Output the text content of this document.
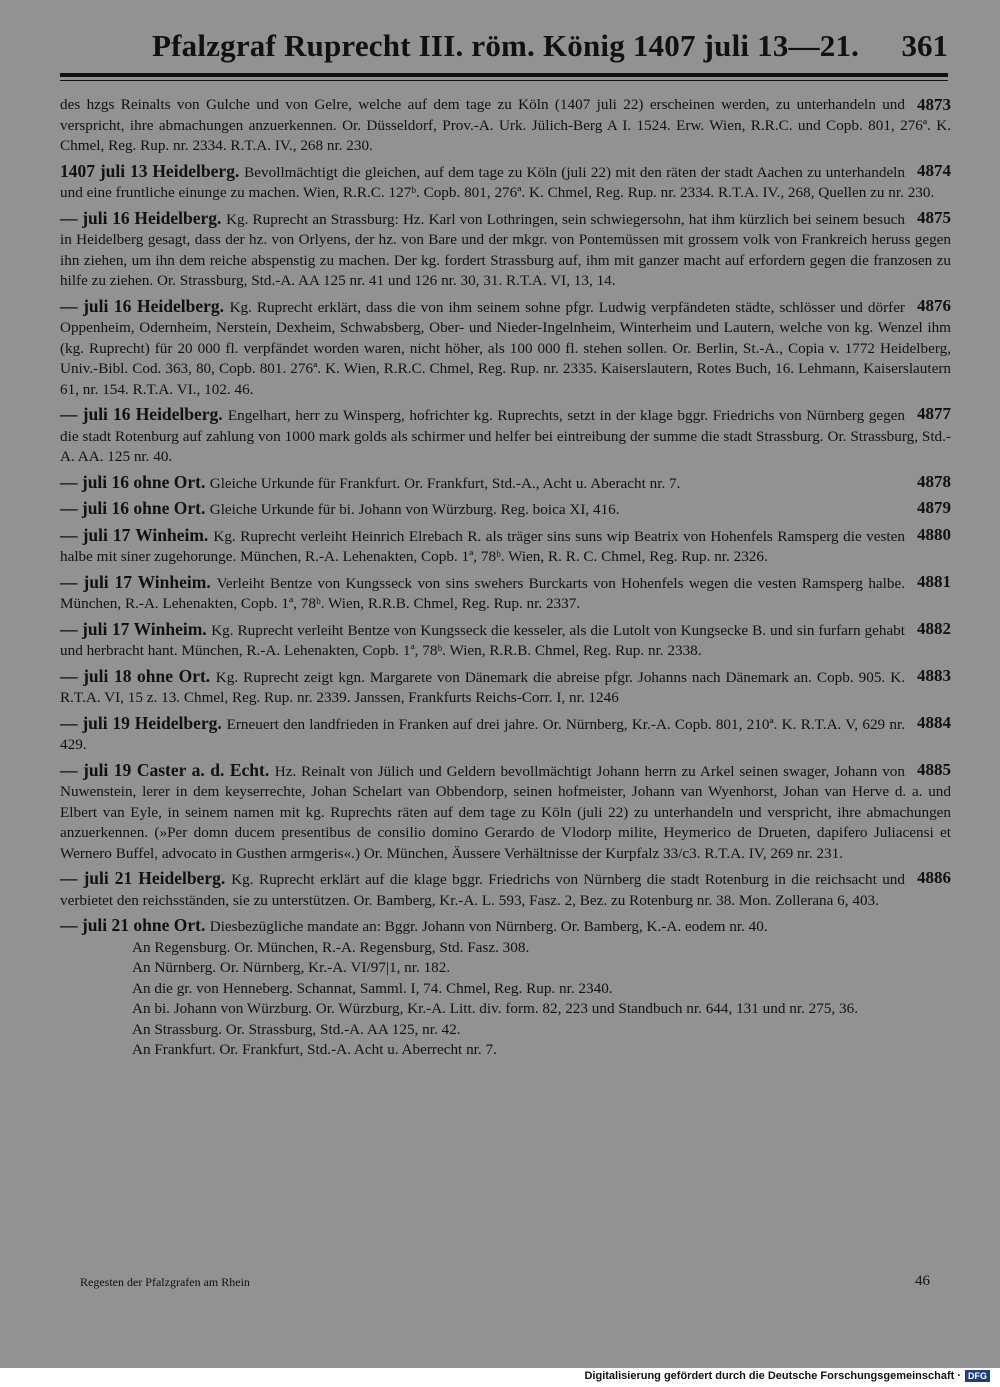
Pfalzgraf Ruprecht III. röm. König 1407 juli 13—21. 361
4873
des hzgs Reinalts von Gulche und von Gelre, welche auf dem tage zu Köln (1407 juli 22) erscheinen werden, zu unterhandeln und verspricht, ihre abmachungen anzuerkennen. Or. Düsseldorf, Prov.-A. Urk. Jülich-Berg A I. 1524. Erw. Wien, R.R.C. und Copb. 801, 276ª. K. Chmel, Reg. Rup. nr. 2334. R.T.A. IV., 268 nr. 230.
4874
1407 juli 13 Heidelberg. Bevollmächtigt die gleichen, auf dem tage zu Köln (juli 22) mit den räten der stadt Aachen zu unterhandeln und eine fruntliche einunge zu machen. Wien, R.R.C. 127ᵇ. Copb. 801, 276ª. K. Chmel, Reg. Rup. nr. 2334. R.T.A. IV., 268, Quellen zu nr. 230.
4875
— juli 16 Heidelberg. Kg. Ruprecht an Strassburg: Hz. Karl von Lothringen, sein schwiegersohn, hat ihm kürzlich bei seinem besuch in Heidelberg gesagt, dass der hz. von Orlyens, der hz. von Bare und der mkgr. von Pontemüssen mit grossem volk von Frankreich heruss gegen ihn ziehen, um ihn dem reiche abspenstig zu machen. Der kg. fordert Strassburg auf, ihm mit ganzer macht auf erfordern gegen die franzosen zu hilfe zu ziehen. Or. Strassburg, Std.-A. AA 125 nr. 41 und 126 nr. 30, 31. R.T.A. VI, 13, 14.
4876
— juli 16 Heidelberg. Kg. Ruprecht erklärt, dass die von ihm seinem sohne pfgr. Ludwig verpfändeten städte, schlösser und dörfer Oppenheim, Odernheim, Nerstein, Dexheim, Schwabsberg, Ober- und Nieder-Ingelnheim, Winterheim und Lautern, welche von kg. Wenzel ihm (kg. Ruprecht) für 20 000 fl. verpfändet worden waren, nicht höher, als 100 000 fl. stehen sollen. Or. Berlin, St.-A., Copia v. 1772 Heidelberg, Univ.-Bibl. Cod. 363, 80, Copb. 801. 276ª. K. Wien, R.R.C. Chmel, Reg. Rup. nr. 2335. Kaiserslautern, Rotes Buch, 16. Lehmann, Kaiserslautern 61, nr. 154. R.T.A. VI., 102. 46.
4877
— juli 16 Heidelberg. Engelhart, herr zu Winsperg, hofrichter kg. Ruprechts, setzt in der klage bggr. Friedrichs von Nürnberg gegen die stadt Rotenburg auf zahlung von 1000 mark golds als schirmer und helfer bei eintreibung der summe die stadt Strassburg. Or. Strassburg, Std.-A. AA. 125 nr. 40.
4878
— juli 16 ohne Ort. Gleiche Urkunde für Frankfurt. Or. Frankfurt, Std.-A., Acht u. Aberacht nr. 7.
4879
— juli 16 ohne Ort. Gleiche Urkunde für bi. Johann von Würzburg. Reg. boica XI, 416.
4880
— juli 17 Winheim. Kg. Ruprecht verleiht Heinrich Elrebach R. als träger sins suns wip Beatrix von Hohenfels Ramsperg die vesten halbe mit siner zugehorunge. München, R.-A. Lehenakten, Copb. 1ª, 78ᵇ. Wien, R. R. C. Chmel, Reg. Rup. nr. 2326.
4881
— juli 17 Winheim. Verleiht Bentze von Kungsseck von sins swehers Burckarts von Hohenfels wegen die vesten Ramsperg halbe. München, R.-A. Lehenakten, Copb. 1ª, 78ᵇ. Wien, R.R.B. Chmel, Reg. Rup. nr. 2337.
4882
— juli 17 Winheim. Kg. Ruprecht verleiht Bentze von Kungsseck die kesseler, als die Lutolt von Kungsecke B. und sin furfarn gehabt und herbracht hant. München, R.-A. Lehenakten, Copb. 1ª, 78ᵇ. Wien, R.R.B. Chmel, Reg. Rup. nr. 2338.
4883
— juli 18 ohne Ort. Kg. Ruprecht zeigt kgn. Margarete von Dänemark die abreise pfgr. Johanns nach Dänemark an. Copb. 905. K. R.T.A. VI, 15 z. 13. Chmel, Reg. Rup. nr. 2339. Janssen, Frankfurts Reichs-Corr. I, nr. 1246
4884
— juli 19 Heidelberg. Erneuert den landfrieden in Franken auf drei jahre. Or. Nürnberg, Kr.-A. Copb. 801, 210ª. K. R.T.A. V, 629 nr. 429.
4885
— juli 19 Caster a. d. Echt. Hz. Reinalt von Jülich und Geldern bevollmächtigt Johann herrn zu Arkel seinen swager, Johann von Nuwenstein, lerer in dem keyserrechte, Johan Schelart van Obbendorp, seinen hofmeister, Johann van Wyenhorst, Johan van Herve d. a. und Elbert van Eyle, in seinem namen mit kg. Ruprechts räten auf dem tage zu Köln (juli 22) zu unterhandeln und verspricht, ihre abmachungen anzuerkennen. (»Per domn ducem presentibus de consilio domino Gerardo de Vlodorp milite, Heymerico de Drueten, dapifero Juliacensi et Wernero Buffel, advocato in Gusthen armgeris«.) Or. München, Äussere Verhältnisse der Kurpfalz 33/c3. R.T.A. IV, 269 nr. 231.
4886
— juli 21 Heidelberg. Kg. Ruprecht erklärt auf die klage bggr. Friedrichs von Nürnberg die stadt Rotenburg in die reichsacht und verbietet den reichsständen, sie zu unterstützen. Or. Bamberg, Kr.-A. L. 593, Fasz. 2, Bez. zu Rotenburg nr. 38. Mon. Zollerana 6, 403.
— juli 21 ohne Ort. Diesbezügliche mandate an: Bggr. Johann von Nürnberg. Or. Bamberg, K.-A. eodem nr. 40.
An Regensburg. Or. München, R.-A. Regensburg, Std. Fasz. 308.
An Nürnberg. Or. Nürnberg, Kr.-A. VI/97|1, nr. 182.
An die gr. von Henneberg. Schannat, Samml. I, 74. Chmel, Reg. Rup. nr. 2340.
An bi. Johann von Würzburg. Or. Würzburg, Kr.-A. Litt. div. form. 82, 223 und Standbuch nr. 644, 131 und nr. 275, 36.
An Strassburg. Or. Strassburg, Std.-A. AA 125, nr. 42.
An Frankfurt. Or. Frankfurt, Std.-A. Acht u. Aberrecht nr. 7.
Regesten der Pfalzgrafen am Rhein	46
Digitalisierung gefördert durch die Deutsche Forschungsgemeinschaft · DFG
